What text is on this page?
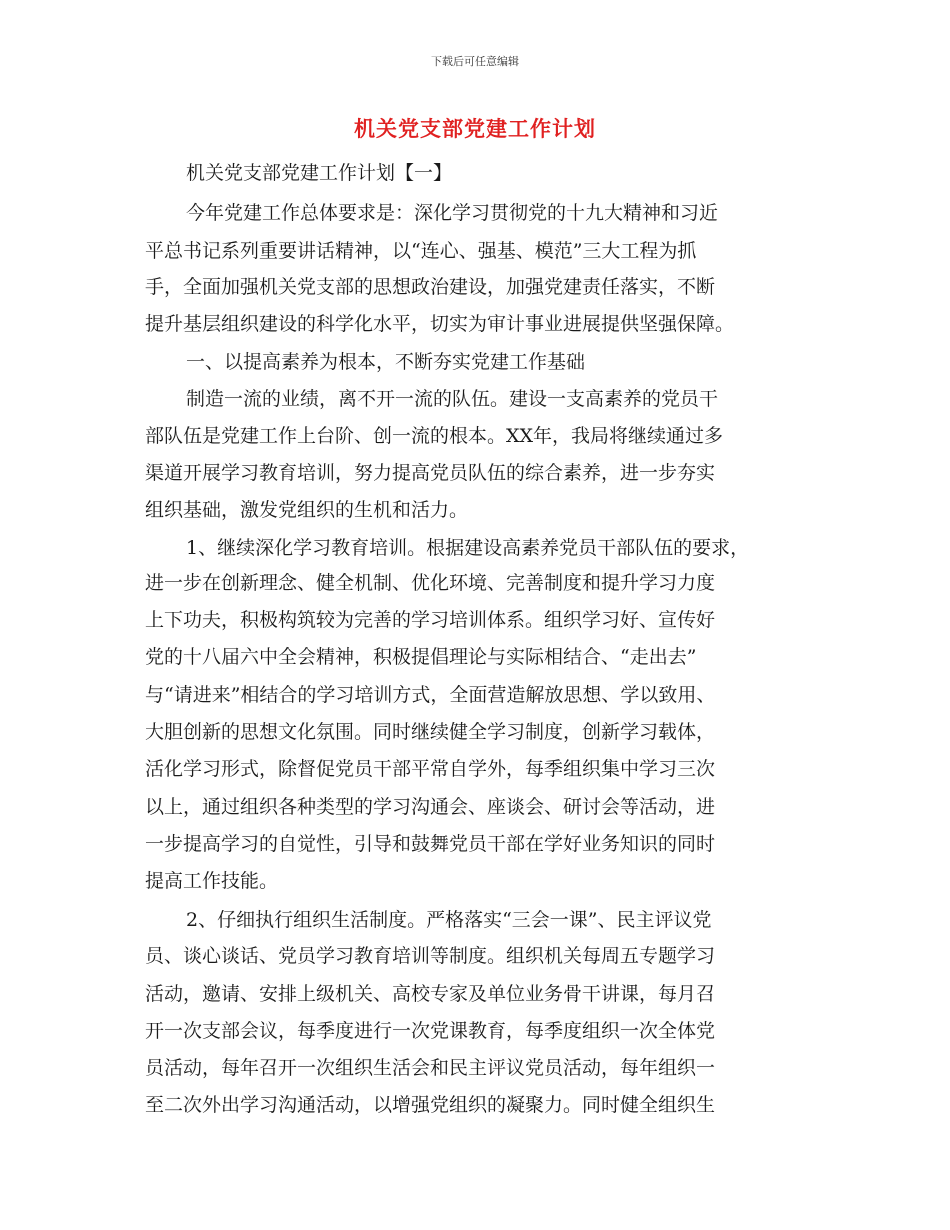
下载后可任意编辑
机关党支部党建工作计划
机关党支部党建工作计划【一】
今年党建工作总体要求是：深化学习贯彻党的十九大精神和习近
平总书记系列重要讲话精神，以“连心、强基、模范”三大工程为抓
手，全面加强机关党支部的思想政治建设，加强党建责任落实，不断
提升基层组织建设的科学化水平，切实为审计事业进展提供坚强保障。
一、以提高素养为根本，不断夯实党建工作基础
制造一流的业绩，离不开一流的队伍。建设一支高素养的党员干
部队伍是党建工作上台阶、创一流的根本。XX年，我局将继续通过多
渠道开展学习教育培训，努力提高党员队伍的综合素养，进一步夯实
组织基础，激发党组织的生机和活力。
1、继续深化学习教育培训。根据建设高素养党员干部队伍的要求，
进一步在创新理念、健全机制、优化环境、完善制度和提升学习力度
上下功夫，积极构筑较为完善的学习培训体系。组织学习好、宣传好
党的十八届六中全会精神，积极提倡理论与实际相结合、“走出去”
与“请进来”相结合的学习培训方式，全面营造解放思想、学以致用、
大胆创新的思想文化氛围。同时继续健全学习制度，创新学习载体，
活化学习形式，除督促党员干部平常自学外，每季组织集中学习三次
以上，通过组织各种类型的学习沟通会、座谈会、研讨会等活动，进
一步提高学习的自觉性，引导和鼓舞党员干部在学好业务知识的同时
提高工作技能。
2、仔细执行组织生活制度。严格落实“三会一课”、民主评议党
员、谈心谈话、党员学习教育培训等制度。组织机关每周五专题学习
活动，邀请、安排上级机关、高校专家及单位业务骨干讲课，每月召
开一次支部会议，每季度进行一次党课教育，每季度组织一次全体党
员活动，每年召开一次组织生活会和民主评议党员活动，每年组织一
至二次外出学习沟通活动，以增强党组织的凝聚力。同时健全组织生
